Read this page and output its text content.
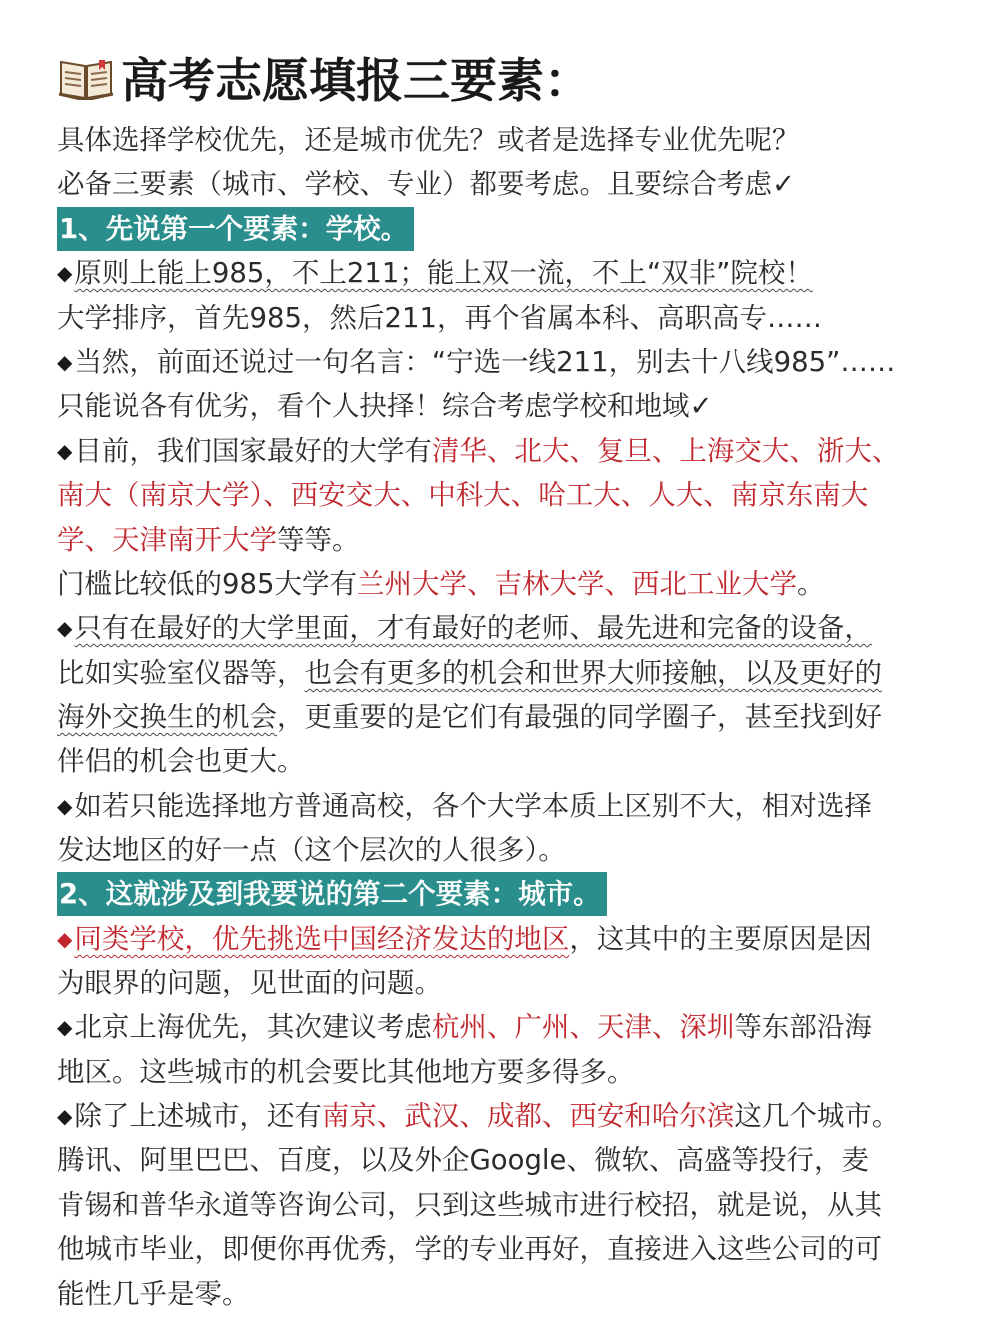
高考志愿填报三要素：
具体选择学校优先，还是城市优先？或者是选择专业优先呢？
必备三要素（城市、学校、专业）都要考虑。且要综合考虑✓
1、先说第一个要素：学校。
◆原则上能上985，不上211；能上双一流，不上“双非”院校！
大学排序，首先985，然后211，再个省属本科、高职高专……
◆当然，前面还说过一句名言：“宁选一线211，别去十八线985”……
只能说各有优劣，看个人抉择！综合考虑学校和地域✓
◆目前，我们国家最好的大学有清华、北大、复旦、上海交大、浙大、
南大（南京大学）、西安交大、中科大、哈工大、人大、南京东南大
学、天津南开大学等等。
门槛比较低的985大学有兰州大学、吉林大学、西北工业大学。
◆只有在最好的大学里面，才有最好的老师、最先进和完备的设备，
比如实验室仪器等，也会有更多的机会和世界大师接触，以及更好的
海外交换生的机会，更重要的是它们有最强的同学圈子，甚至找到好
伴侣的机会也更大。
◆如若只能选择地方普通高校，各个大学本质上区别不大，相对选择
发达地区的好一点（这个层次的人很多）。
2、这就涉及到我要说的第二个要素：城市。
◆同类学校，优先挑选中国经济发达的地区，这其中的主要原因是因
为眼界的问题，见世面的问题。
◆北京上海优先，其次建议考虑杭州、广州、天津、深圳等东部沿海
地区。这些城市的机会要比其他地方要多得多。
◆除了上述城市，还有南京、武汉、成都、西安和哈尔滨这几个城市。
腾讯、阿里巴巴、百度，以及外企Google、微软、高盛等投行，麦
肯锡和普华永道等咨询公司，只到这些城市进行校招，就是说，从其
他城市毕业，即便你再优秀，学的专业再好，直接进入这些公司的可
能性几乎是零。
